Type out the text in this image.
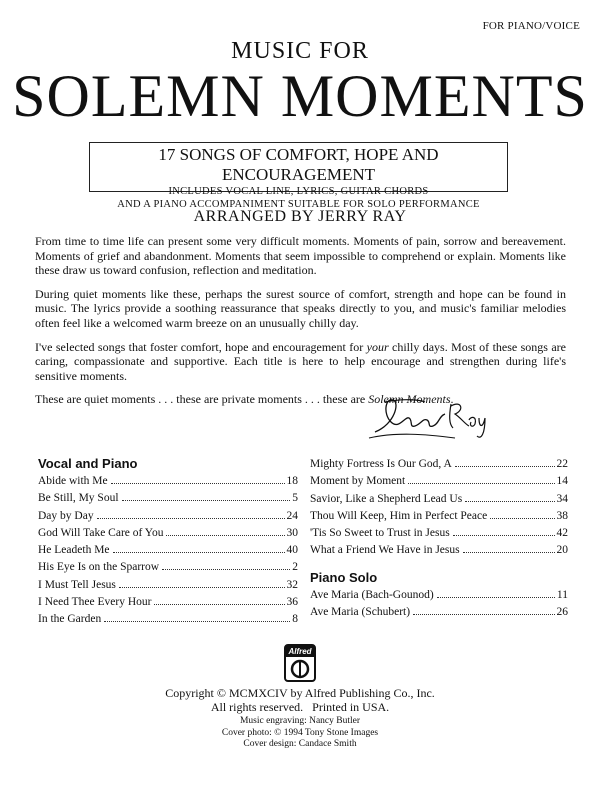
FOR PIANO/VOICE
MUSIC FOR
SOLEMN MOMENTS
17 SONGS OF COMFORT, HOPE AND ENCOURAGEMENT
INCLUDES VOCAL LINE, LYRICS, GUITAR CHORDS
AND A PIANO ACCOMPANIMENT SUITABLE FOR SOLO PERFORMANCE
ARRANGED BY JERRY RAY

From time to time life can present some very difficult moments. Moments of pain, sorrow and bereavement. Moments of grief and abandonment. Moments that seem impossible to comprehend or explain. Moments like these draw us toward confusion, reflection and meditation.

During quiet moments like these, perhaps the surest source of comfort, strength and hope can be found in music. The lyrics provide a soothing reassurance that speaks directly to you, and music's familiar melodies often feel like a welcomed warm breeze on an unusually chilly day.

I've selected songs that foster comfort, hope and encouragement for your chilly days. Most of these songs are caring, compassionate and supportive. Each title is here to help encourage and strengthen during life's sensitive moments.

These are quiet moments . . . these are private moments . . . these are Solemn Moments.

Vocal and Piano
Abide with Me	18
Be Still, My Soul	5
Day by Day	24
God Will Take Care of You	30
He Leadeth Me	40
His Eye Is on the Sparrow	2
I Must Tell Jesus	32
I Need Thee Every Hour	36
In the Garden	8
Mighty Fortress Is Our God, A	22
Moment by Moment	14
Savior, Like a Shepherd Lead Us	34
Thou Will Keep, Him in Perfect Peace	38
'Tis So Sweet to Trust in Jesus	42
What a Friend We Have in Jesus	20
Piano Solo
Ave Maria (Bach-Gounod)	11
Ave Maria (Schubert)	26
Alfred
Copyright © MCMXCIV by Alfred Publishing Co., Inc.
All rights reserved.   Printed in USA.
Music engraving: Nancy Butler
Cover photo: © 1994 Tony Stone Images
Cover design: Candace Smith
